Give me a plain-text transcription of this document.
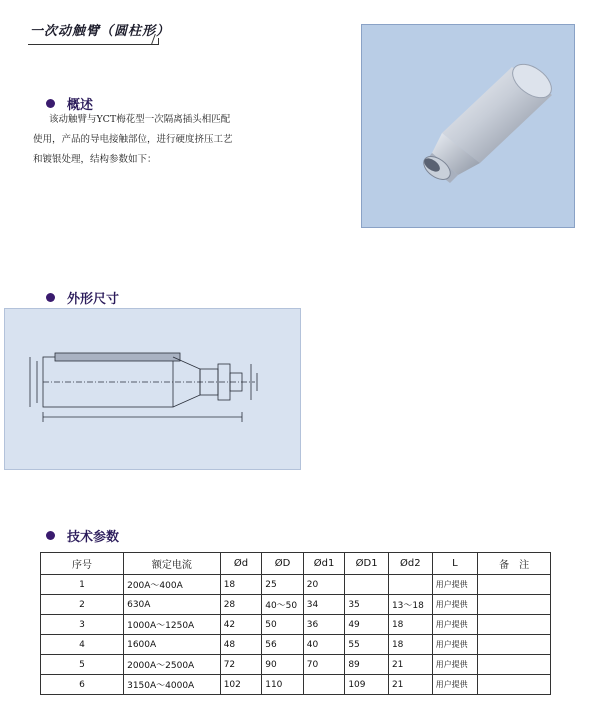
一次动触臂（圆柱形）
概述

该动触臂与YCT梅花型一次隔离插头相匹配

使用，产品的导电接触部位，进行硬度挤压工艺

和镀银处理，结构参数如下：

外形尺寸
技术参数
序号	额定电流	Ød	ØD	Ød1	ØD1	Ød2	L	备　注
1	200A～400A	18	25	20			用户提供	
2	630A	28	40～50	34	35	13～18	用户提供	
3	1000A～1250A	42	50	36	49	18	用户提供	
4	1600A	48	56	40	55	18	用户提供	
5	2000A～2500A	72	90	70	89	21	用户提供	
6	3150A～4000A	102	110		109	21	用户提供	
